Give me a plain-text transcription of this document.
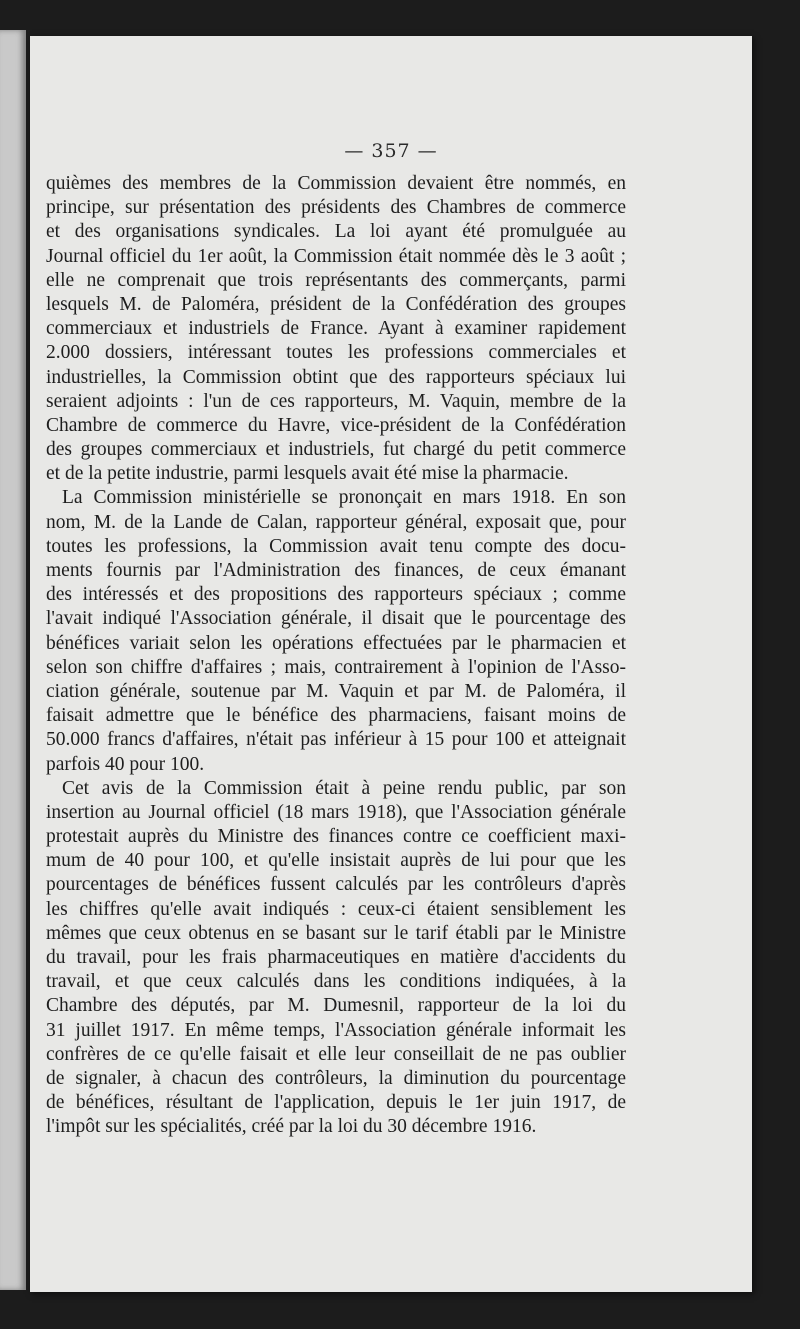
— 357 —
quièmes des membres de la Commission devaient être nommés, en
principe, sur présentation des présidents des Chambres de commerce
et des organisations syndicales. La loi ayant été promulguée au
Journal officiel du 1er août, la Commission était nommée dès le 3 août ;
elle ne comprenait que trois représentants des commerçants, parmi
lesquels M. de Paloméra, président de la Confédération des groupes
commerciaux et industriels de France. Ayant à examiner rapidement
2.000 dossiers, intéressant toutes les professions commerciales et
industrielles, la Commission obtint que des rapporteurs spéciaux lui
seraient adjoints : l'un de ces rapporteurs, M. Vaquin, membre de la
Chambre de commerce du Havre, vice-président de la Confédération
des groupes commerciaux et industriels, fut chargé du petit commerce
et de la petite industrie, parmi lesquels avait été mise la pharmacie.
La Commission ministérielle se prononçait en mars 1918. En son
nom, M. de la Lande de Calan, rapporteur général, exposait que, pour
toutes les professions, la Commission avait tenu compte des docu-
ments fournis par l'Administration des finances, de ceux émanant
des intéressés et des propositions des rapporteurs spéciaux ; comme
l'avait indiqué l'Association générale, il disait que le pourcentage des
bénéfices variait selon les opérations effectuées par le pharmacien et
selon son chiffre d'affaires ; mais, contrairement à l'opinion de l'Asso-
ciation générale, soutenue par M. Vaquin et par M. de Paloméra, il
faisait admettre que le bénéfice des pharmaciens, faisant moins de
50.000 francs d'affaires, n'était pas inférieur à 15 pour 100 et atteignait
parfois 40 pour 100.
Cet avis de la Commission était à peine rendu public, par son
insertion au Journal officiel (18 mars 1918), que l'Association générale
protestait auprès du Ministre des finances contre ce coefficient maxi-
mum de 40 pour 100, et qu'elle insistait auprès de lui pour que les
pourcentages de bénéfices fussent calculés par les contrôleurs d'après
les chiffres qu'elle avait indiqués : ceux-ci étaient sensiblement les
mêmes que ceux obtenus en se basant sur le tarif établi par le Ministre
du travail, pour les frais pharmaceutiques en matière d'accidents du
travail, et que ceux calculés dans les conditions indiquées, à la
Chambre des députés, par M. Dumesnil, rapporteur de la loi du
31 juillet 1917. En même temps, l'Association générale informait les
confrères de ce qu'elle faisait et elle leur conseillait de ne pas oublier
de signaler, à chacun des contrôleurs, la diminution du pourcentage
de bénéfices, résultant de l'application, depuis le 1er juin 1917, de
l'impôt sur les spécialités, créé par la loi du 30 décembre 1916.
